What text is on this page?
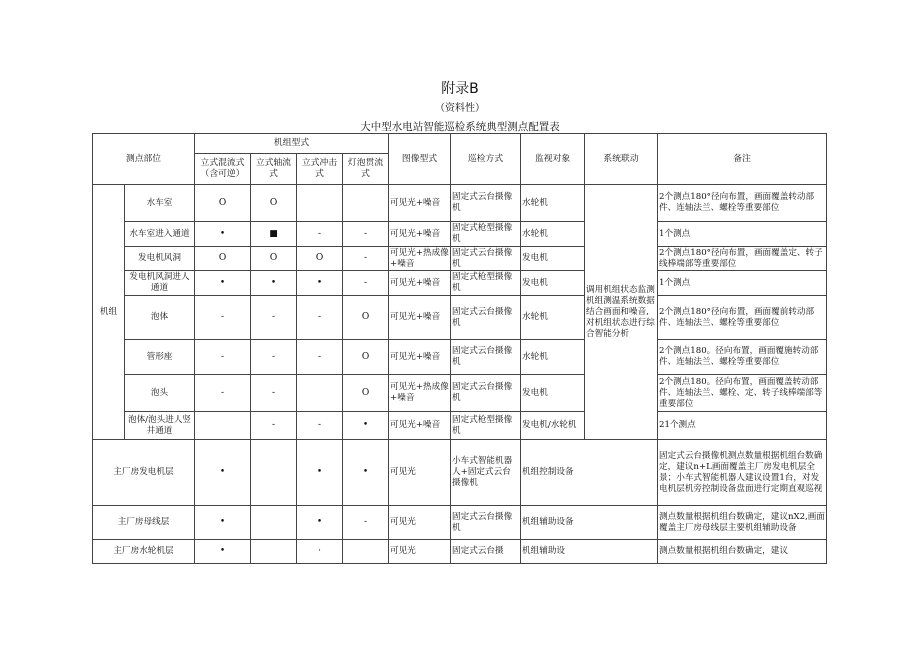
附录B
（资料性）
大中型水电站智能巡检系统典型测点配置表
测点部位		机组型式				图像型式	巡检方式	监视对象	系统联动	备注
		立式混流式（含可逆）	立式轴流式	立式冲击式	灯泡贯流式					
机组	水车室	O	O			可见光+噪音	固定式云台摄像机	水轮机	调用机组状态监测机组测温系统数据结合画面和噪音,对机组状态进行综合智能分析	2个测点180°径向布置，画面覆盖转动部件、连轴法兰、螺栓等重要部位
	水车室进入通道	•	■	-	-	可见光+噪音	固定式枪型摄像机	水轮机		1个测点
	发电机风洞	O	O	O	-	可见光+热成像+噪音	固定式云台摄像机	发电机		2个测点180°径向布置，画面覆盖定、转子线棒端部等重要部位
	发电机风洞进人通道	•	•	•	-	可见光+噪音	固定式枪型摄像机	发电机		1个测点
	泡体	-	-	-	O	可见光+噪音	固定式云台摄像机	水轮机		2个测点180°径向布置，画面覆前转动部件、连轴法兰、螺栓等重要部位
	管形座	-	-	-	O	可见光+噪音	固定式云台摄像机	水轮机		2个测点180。径向布置，画面覆施转动部件、连轴法兰、螺栓等重要部位
	泡头	-	-		O	可见光+热成像+噪音	固定式云台摄像机	发电机		2个测点180。径向布置，画面覆盖转动部件、连轴法兰、螺栓、定、转子线棒端部等重要部位
	泡体/泡头进人竖井通道		-	-	•	可见光+噪音	固定式枪型摄像机	发电机/水轮机		21个测点
主厂房发电机层		•		•	•	可见光	小车式智能机器人+固定式云台摄像机	机组控制设备		固定式云台摄像机测点数量根据机组台数确定，建议n+L画面覆盖主厂房发电机层全景；小车式智能机器人建议设置1台，对发电机层机旁控制设备盘面进行定期直观巡视
主厂房母线层		•		•	-	可见光	固定式云台摄像机	机组辅助设备		测点数量根据机组台数确定，建议nX2,画面覆盖主厂房母线层主要机组辅助设备
主厂房水轮机层		•		·		可见光	固定式云台摄	机组辅助设		测点数量根据机组台数确定，建议
